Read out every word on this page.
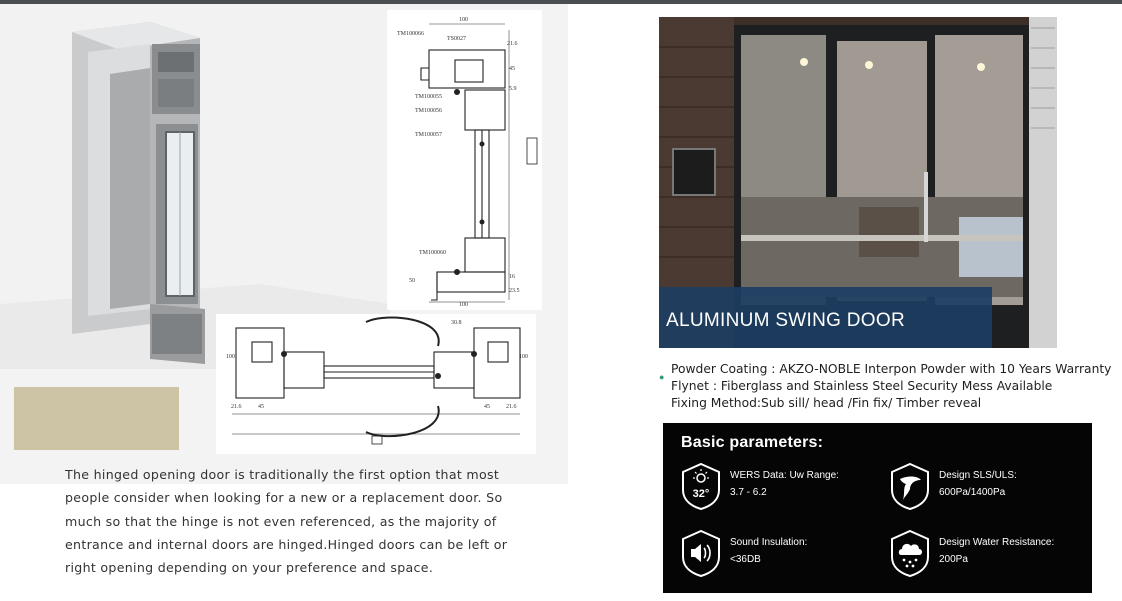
100
TM100066
TS0027
21.6
45
5.9
TM100055
TM100056
TM100057
TM100060
50
23.5
16
100
30.8
100	100
21.6	45	45	21.6

The hinged opening door is traditionally the first option that most people consider when looking for a new or a replacement door. So much so that the hinge is not even referenced, as the majority of entrance and internal doors are hinged.Hinged doors can be left or right opening depending on your preference and space.

ALUMINUM SWING DOOR
●
Powder Coating : AKZO-NOBLE Interpon Powder with 10 Years Warranty
Flynet : Fiberglass and Stainless Steel Security Mess Available
Fixing Method:Sub sill/ head /Fin fix/ Timber reveal
Basic parameters:
32°
WERS Data: Uw Range:
3.7 - 6.2
Design SLS/ULS:
600Pa/1400Pa
Sound Insulation:
<36DB
Design Water Resistance:
200Pa
